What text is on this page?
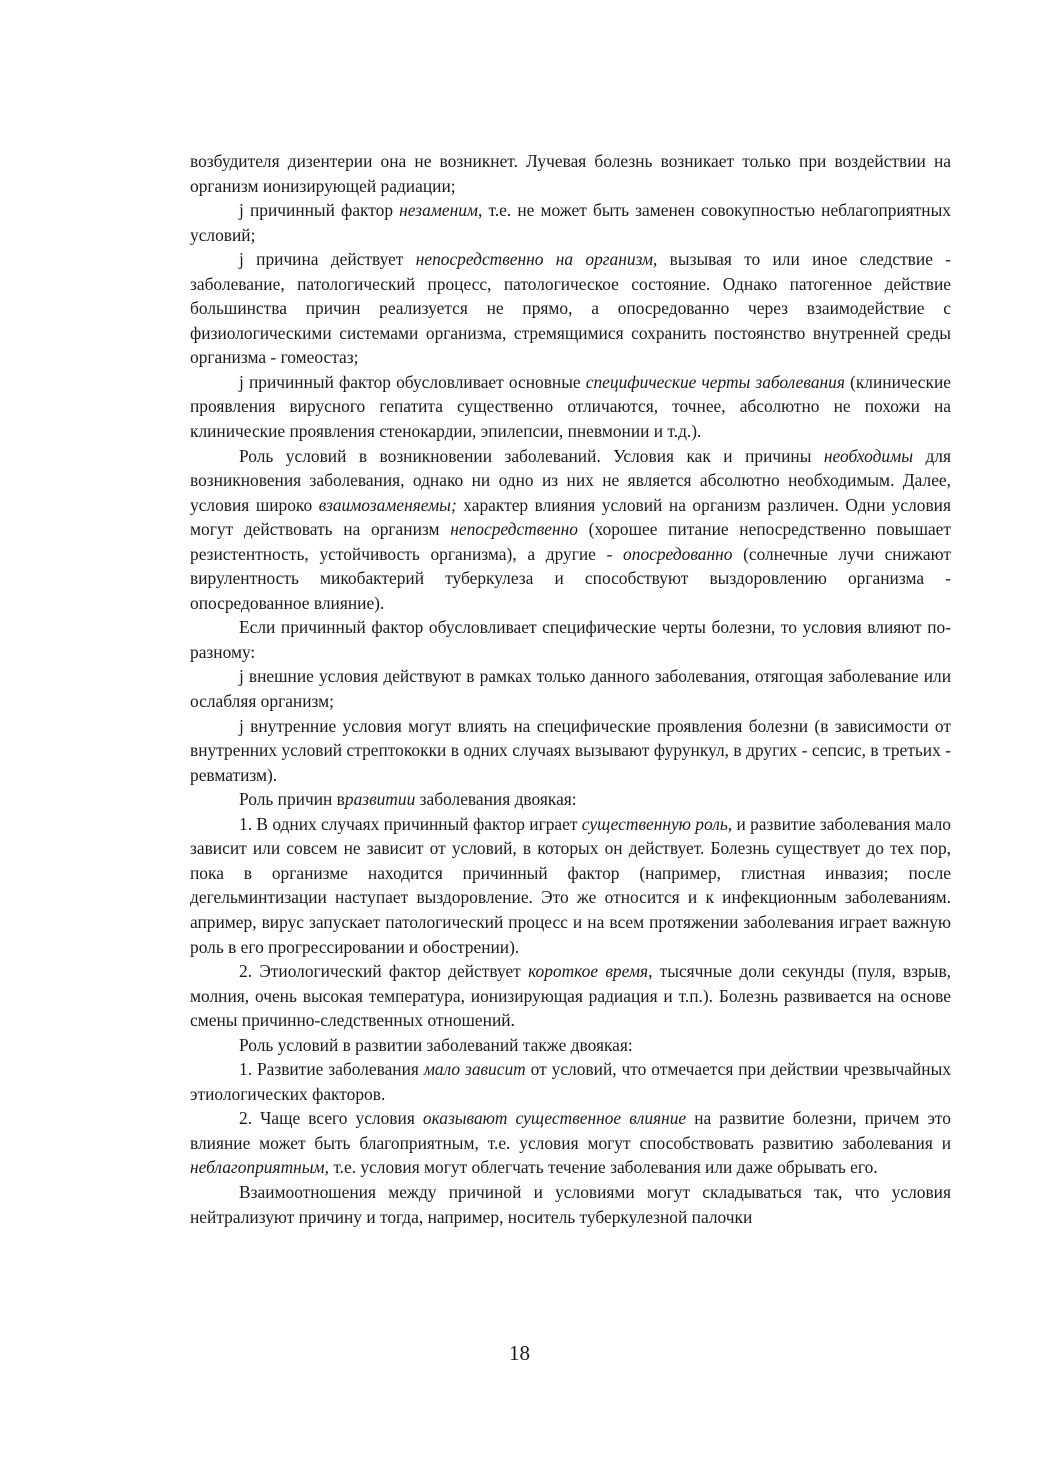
возбудителя дизентерии она не возникнет. Лучевая болезнь возникает только при воздействии на организм ионизирующей радиации;

j причинный фактор незаменим, т.е. не может быть заменен совокупностью неблагоприятных условий;

j причина действует непосредственно на организм, вызывая то или иное следствие - заболевание, патологический процесс, патологическое состояние. Однако патогенное действие большинства причин реализуется не прямо, а опосредованно через взаимодействие с физиологическими системами организма, стремящимися сохранить постоянство внутренней среды организма - гомеостаз;

j причинный фактор обусловливает основные специфические черты заболевания (клинические проявления вирусного гепатита существенно отличаются, точнее, абсолютно не похожи на клинические проявления стенокардии, эпилепсии, пневмонии и т.д.).

Роль условий в возникновении заболеваний. Условия как и причины необходимы для возникновения заболевания, однако ни одно из них не является абсолютно необходимым. Далее, условия широко взаимозаменяемы; характер влияния условий на организм различен. Одни условия могут действовать на организм непосредственно (хорошее питание непосредственно повышает резистентность, устойчивость организма), а другие - опосредованно (солнечные лучи снижают вирулентность микобактерий туберкулеза и способствуют выздоровлению организма - опосредованное влияние).

Если причинный фактор обусловливает специфические черты болезни, то условия влияют по-разному:

j внешние условия действуют в рамках только данного заболевания, отягощая заболевание или ослабляя организм;

j внутренние условия могут влиять на специфические проявления болезни (в зависимости от внутренних условий стрептококки в одних случаях вызывают фурункул, в других - сепсис, в третьих - ревматизм).

Роль причин вразвитии заболевания двоякая:

1. В одних случаях причинный фактор играет существенную роль, и развитие заболевания мало зависит или совсем не зависит от условий, в которых он действует. Болезнь существует до тех пор, пока в организме находится причинный фактор (например, глистная инвазия; после дегельминтизации наступает выздоровление. Это же относится и к инфекционным заболеваниям. апример, вирус запускает патологический процесс и на всем протяжении заболевания играет важную роль в его прогрессировании и обострении).

2. Этиологический фактор действует короткое время, тысячные доли секунды (пуля, взрыв, молния, очень высокая температура, ионизирующая радиация и т.п.). Болезнь развивается на основе смены причинно-следственных отношений.

Роль условий в развитии заболеваний также двоякая:

1. Развитие заболевания мало зависит от условий, что отмечается при действии чрезвычайных этиологических факторов.

2. Чаще всего условия оказывают существенное влияние на развитие болезни, причем это влияние может быть благоприятным, т.е. условия могут способствовать развитию заболевания и неблагоприятным, т.е. условия могут облегчать течение заболевания или даже обрывать его.

Взаимоотношения между причиной и условиями могут складываться так, что условия нейтрализуют причину и тогда, например, носитель туберкулезной палочки

18
